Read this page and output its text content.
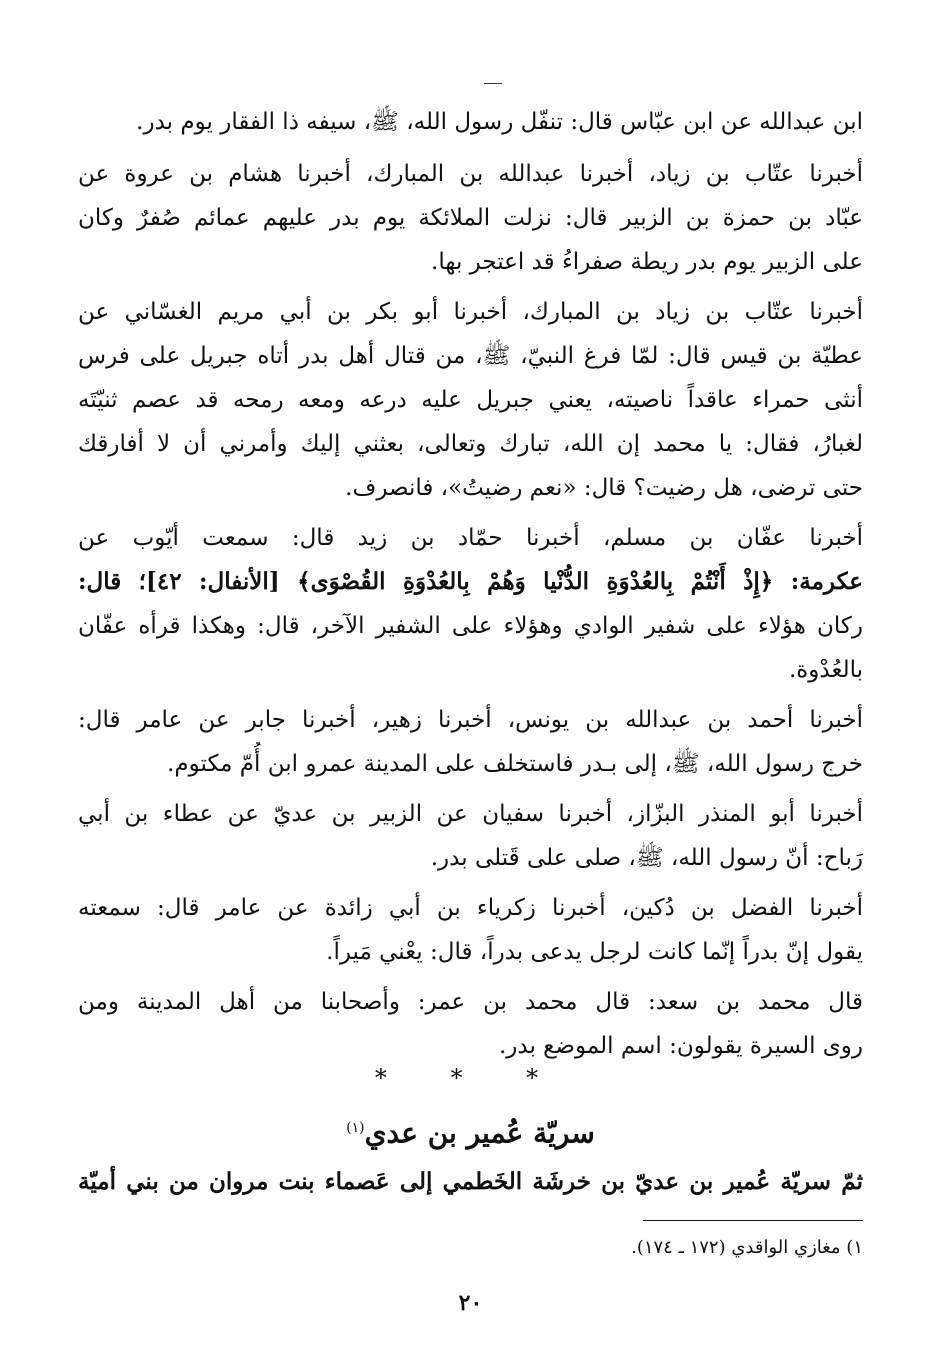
ابن عبدالله عن ابن عبّاس قال: تنفّل رسول الله، ﷺ، سيفه ذا الفقار يوم بدر.
أخبرنا عتّاب بن زياد، أخبرنا عبدالله بن المبارك، أخبرنا هشام بن عروة عن
عبّاد بن حمزة بن الزبير قال: نزلت الملائكة يوم بدر عليهم عمائم صُفرٌ وكان
على الزبير يوم بدر ريطة صفراءُ قد اعتجر بها.
أخبرنا عتّاب بن زياد بن المبارك، أخبرنا أبو بكر بن أبي مريم الغسّاني عن
عطيّة بن قيس قال: لمّا فرغ النبيّ، ﷺ، من قتال أهل بدر أتاه جبريل على فرس
أنثى حمراء عاقداً ناصيته، يعني جبريل عليه درعه ومعه رمحه قد عصم ثنيّتَه
لغبارُ، فقال: يا محمد إن الله، تبارك وتعالى، بعثني إليك وأمرني أن لا أفارقك
حتى ترضى، هل رضيت؟ قال: «نعم رضيتُ»، فانصرف.
أخبرنا عفّان بن مسلم، أخبرنا حمّاد بن زيد قال: سمعت أيّوب عن
عكرمة: ﴿إِذْ أَنْتُمْ بِالعُدْوَةِ الدُّنْيا وَهُمْ بِالعُدْوَةِ القُصْوَى﴾ [الأنفال: ٤٢]؛ قال:
ركان هؤلاء على شفير الوادي وهؤلاء على الشفير الآخر، قال: وهكذا قرأه عفّان
بالعُدْوة.
أخبرنا أحمد بن عبدالله بن يونس، أخبرنا زهير، أخبرنا جابر عن عامر قال:
خرج رسول الله، ﷺ، إلى بـدر فاستخلف على المدينة عمرو ابن أُمّ مكتوم.
أخبرنا أبو المنذر البزّاز، أخبرنا سفيان عن الزبير بن عديّ عن عطاء بن أبي
رَباح: أنّ رسول الله، ﷺ، صلى على قَتلى بدر.
أخبرنا الفضل بن دُكين، أخبرنا زكرياء بن أبي زائدة عن عامر قال: سمعته
يقول إنّ بدراً إنّما كانت لرجل يدعى بدراً، قال: يعْني مَيراً.
قال محمد بن سعد: قال محمد بن عمر: وأصحابنا من أهل المدينة ومن
روى السيرة يقولون: اسم الموضع بدر.
* * *
سريّة عُمير بن عدي$^{(١)}$
ثمّ سريّة عُمير بن عديّ بن خرشَة الخَطمي إلى عَصماء بنت مروان من بني أميّة
١) مغازي الواقدي (١٧٢ ـ ١٧٤).
٢٠
